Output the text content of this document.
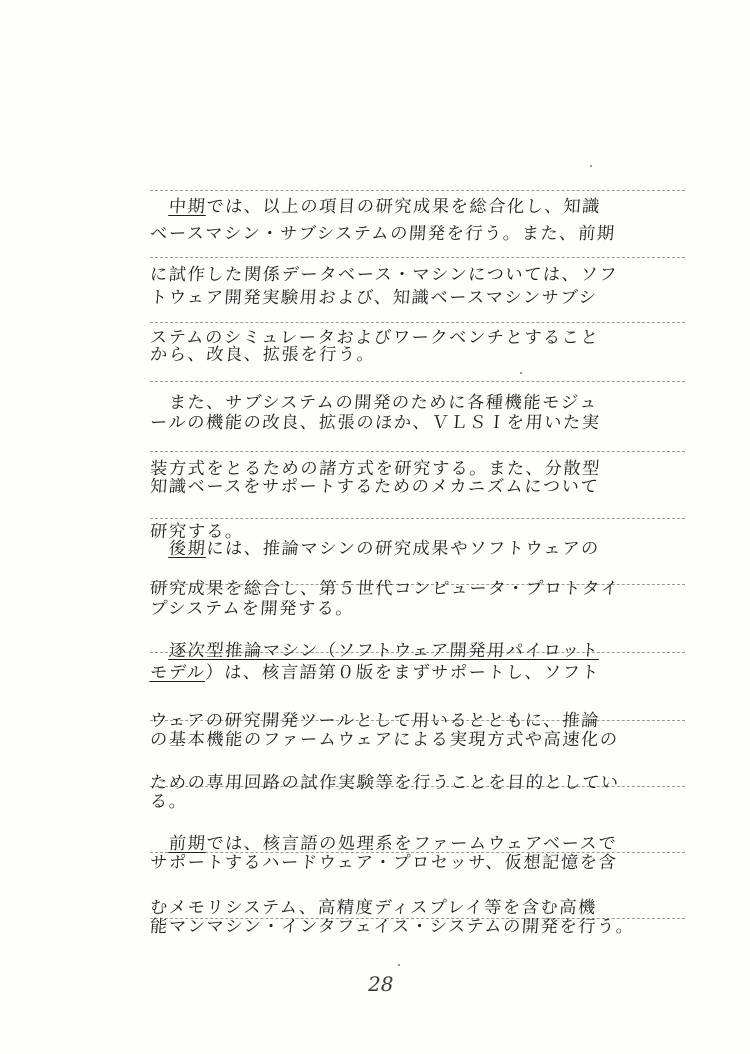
　中期では、以上の項目の研究成果を総合化し、知識
ベースマシン・サブシステムの開発を行う。また、前期
に試作した関係データベース・マシンについては、ソフ
トウェア開発実験用および、知識ベースマシンサブシ
ステムのシミュレータおよびワークベンチとすること
から、改良、拡張を行う。
　また、サブシステムの開発のために各種機能モジュ
ールの機能の改良、拡張のほか、ＶＬＳＩを用いた実
装方式をとるための諸方式を研究する。また、分散型
知識ベースをサポートするためのメカニズムについて
研究する。
　後期には、推論マシンの研究成果やソフトウェアの
研究成果を総合し、第５世代コンピュータ・プロトタイ
プシステムを開発する。
　逐次型推論マシン（ソフトウェア開発用パイロット
モデル）は、核言語第０版をまずサポートし、ソフト
ウェアの研究開発ツールとして用いるとともに、推論
の基本機能のファームウェアによる実現方式や高速化の
ための専用回路の試作実験等を行うことを目的としてい
る。
　前期では、核言語の処理系をファームウェアベースで
サポートするハードウェア・プロセッサ、仮想記憶を含
むメモリシステム、高精度ディスプレイ等を含む高機
能マンマシン・インタフェイス・システムの開発を行う。
28
